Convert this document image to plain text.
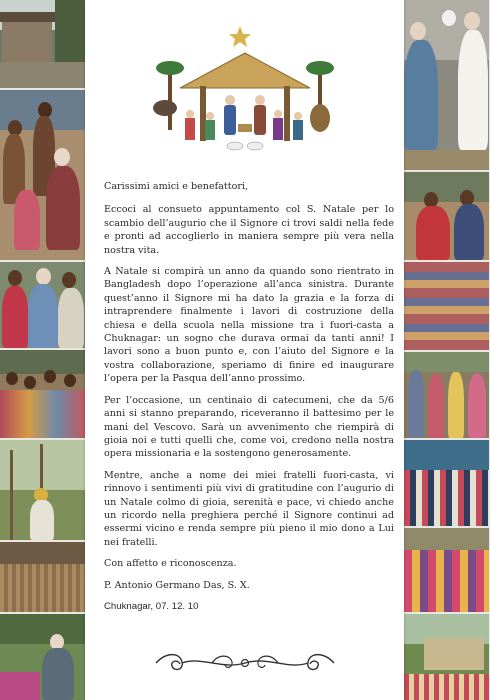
Carissimi amici e benefattori,

Eccoci al consueto appuntamento col S. Natale per lo scambio dell’augurio che il Signore ci trovi saldi nella fede e pronti ad accoglierlo in maniera sempre più vera nella nostra vita.

A Natale si compirà un anno da quando sono rientrato in Bangladesh dopo l’operazione all’anca sinistra. Durante quest’anno il Signore mi ha dato la grazia e la forza di intraprendere finalmente i lavori di costruzione della chiesa e della scuola nella missione tra i fuori-casta a Chuknagar: un sogno che durava ormai da tanti anni! I lavori sono a buon punto e, con l’aiuto del Signore e la vostra collaborazione, speriamo di finire ed inaugurare l’opera per la Pasqua dell’anno prossimo.

Per l’occasione, un centinaio di catecumeni, che da 5/6 anni si stanno preparando, riceveranno il battesimo per le mani del Vescovo. Sarà un avvenimento che riempirà di gioia noi e tutti quelli che, come voi, credono nella nostra opera missionaria e la sostengono generosamente.

Mentre, anche a nome dei miei fratelli fuori-casta, vi rinnovo i sentimenti più vivi di gratitudine con l’augurio di un Natale colmo di gioia, serenità e pace, vi chiedo anche un ricordo nella preghiera perché il Signore continui ad essermi vicino e renda sempre più pieno il mio dono a Lui nei fratelli.

Con affetto e riconoscenza.

P. Antonio Germano Das, S. X.

Chuknagar, 07. 12. 10
